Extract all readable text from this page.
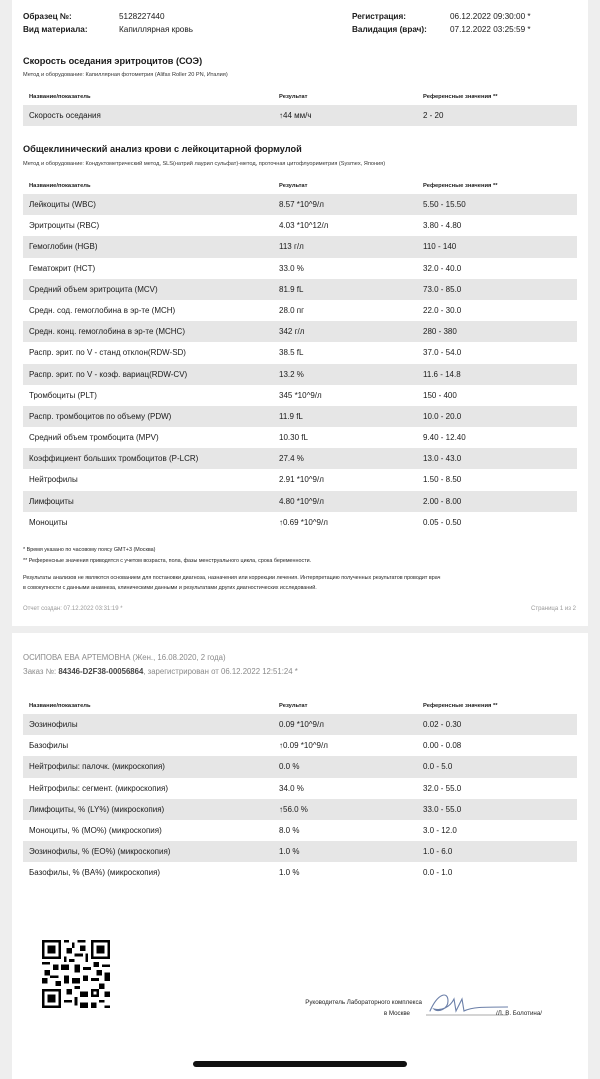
Образец №:	5128227440
Вид материала:	Капиллярная кровь
Регистрация:	06.12.2022 09:30:00 *
Валидация (врач):	07.12.2022 03:25:59 *
Скорость оседания эритроцитов (СОЭ)
Метод и оборудование: Капиллярная фотометрия (Alifax Roller 20 PN, Италия)
Название/показатель	Результат	Референсные значения **
Скорость оседания	↑44 мм/ч	2 - 20
Общеклинический анализ крови с лейкоцитарной формулой
Метод и оборудование: Кондуктометрический метод, SLS(натрий лаурил сульфат)-метод, проточная цитофлуориметрия (Sysmex, Япония)
Название/показатель	Результат	Референсные значения **
Лейкоциты (WBC)	8.57 *10^9/л	5.50 - 15.50
Эритроциты (RBC)	4.03 *10^12/л	3.80 - 4.80
Гемоглобин (HGB)	113 г/л	110 - 140
Гематокрит (HCT)	33.0 %	32.0 - 40.0
Средний объем эритроцита (MCV)	81.9 fL	73.0 - 85.0
Средн. сод. гемоглобина в эр-те (MCH)	28.0 пг	22.0 - 30.0
Средн. конц. гемоглобина в эр-те (MCHC)	342 г/л	280 - 380
Распр. эрит. по V - станд отклон(RDW-SD)	38.5 fL	37.0 - 54.0
Распр. эрит. по V - коэф. вариац(RDW-CV)	13.2 %	11.6 - 14.8
Тромбоциты (PLT)	345 *10^9/л	150 - 400
Распр. тромбоцитов по объему (PDW)	11.9 fL	10.0 - 20.0
Средний объем тромбоцита (MPV)	10.30 fL	9.40 - 12.40
Коэффициент больших тромбоцитов (P-LCR)	27.4 %	13.0 - 43.0
Нейтрофилы	2.91 *10^9/л	1.50 - 8.50
Лимфоциты	4.80 *10^9/л	2.00 - 8.00
Моноциты	↑0.69 *10^9/л	0.05 - 0.50
* Время указано по часовому поясу GMT+3 (Москва)
** Референсные значения приводятся с учетом возраста, пола, фазы менструального цикла, срока беременности.
Результаты анализов не являются основанием для постановки диагноза, назначения или коррекции лечения. Интерпретацию полученных результатов проводит врач
в совокупности с данными анамнеза, клиническими данными и результатами других диагностических исследований.
Отчет создан: 07.12.2022 03:31:19 *	Страница 1 из 2
ОСИПОВА ЕВА АРТЕМОВНА (Жен., 16.08.2020, 2 года)
Заказ №: 84346-D2F38-00056864, зарегистрирован от 06.12.2022 12:51:24 *
Название/показатель	Результат	Референсные значения **
Эозинофилы	0.09 *10^9/л	0.02 - 0.30
Базофилы	↑0.09 *10^9/л	0.00 - 0.08
Нейтрофилы: палочк. (микроскопия)	0.0 %	0.0 - 5.0
Нейтрофилы: сегмент. (микроскопия)	34.0 %	32.0 - 55.0
Лимфоциты, % (LY%) (микроскопия)	↑56.0 %	33.0 - 55.0
Моноциты, % (MO%) (микроскопия)	8.0 %	3.0 - 12.0
Эозинофилы, % (EO%) (микроскопия)	1.0 %	1.0 - 6.0
Базофилы, % (BA%) (микроскопия)	1.0 %	0.0 - 1.0
Руководитель Лабораторного комплекса
в Москве	/Л. В. Болотина/
